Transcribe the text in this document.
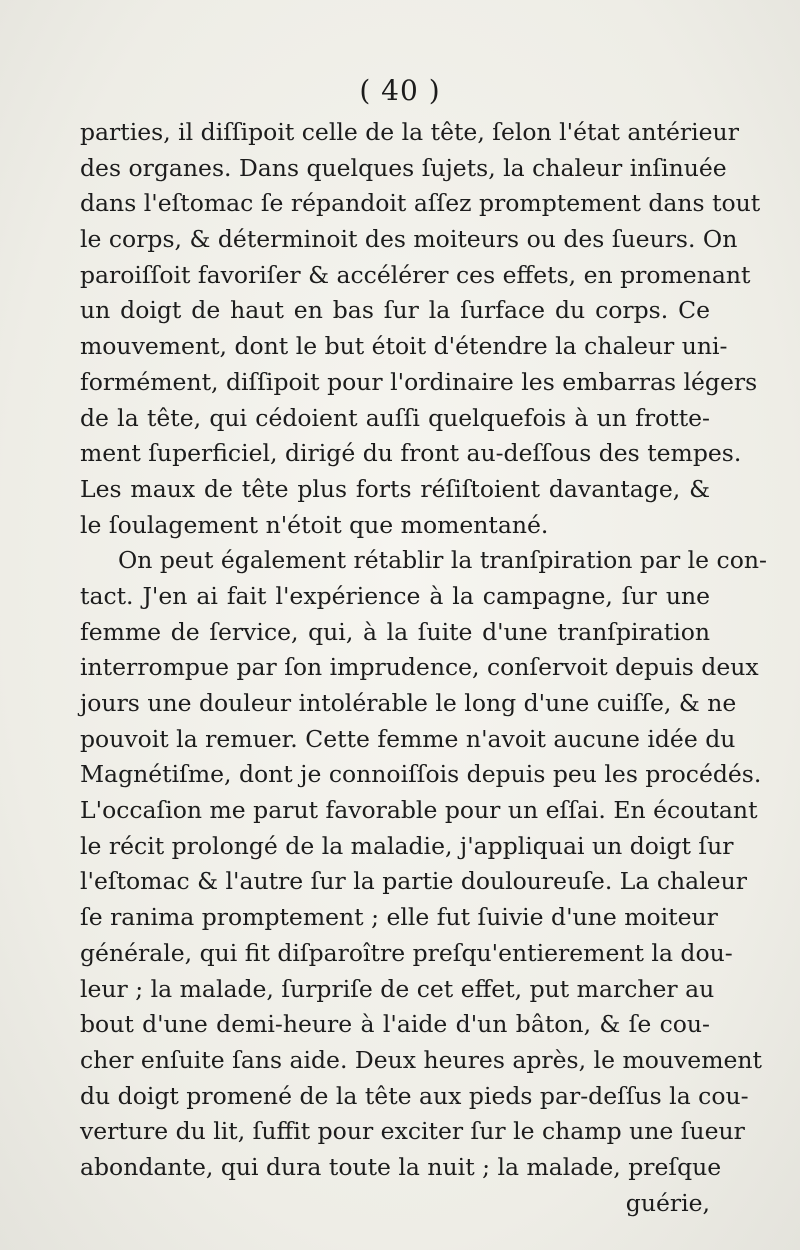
( 40 )
parties, il diſſipoit celle de la tête, ſelon l'état antérieur
des organes. Dans quelques ſujets, la chaleur inſinuée
dans l'eſtomac ſe répandoit aſſez promptement dans tout
le corps, & déterminoit des moiteurs ou des ſueurs. On
paroiſſoit favoriſer & accélérer ces effets, en promenant
un doigt de haut en bas ſur la ſurface du corps. Ce
mouvement, dont le but étoit d'étendre la chaleur uni-
formément, diſſipoit pour l'ordinaire les embarras légers
de la tête, qui cédoient auſſi quelquefois à un frotte-
ment ſuperficiel, dirigé du front au-deſſous des tempes.
Les maux de tête plus forts réſiſtoient davantage, &
le ſoulagement n'étoit que momentané.
On peut également rétablir la tranſpiration par le con-
tact. J'en ai fait l'expérience à la campagne, ſur une
femme de ſervice, qui, à la ſuite d'une tranſpiration
interrompue par ſon imprudence, conſervoit depuis deux
jours une douleur intolérable le long d'une cuiſſe, & ne
pouvoit la remuer. Cette femme n'avoit aucune idée du
Magnétiſme, dont je connoiſſois depuis peu les procédés.
L'occaſion me parut favorable pour un eſſai. En écoutant
le récit prolongé de la maladie, j'appliquai un doigt ſur
l'eſtomac & l'autre ſur la partie douloureuſe. La chaleur
ſe ranima promptement ; elle fut ſuivie d'une moiteur
générale, qui fit diſparoître preſqu'entierement la dou-
leur ; la malade, ſurpriſe de cet effet, put marcher au
bout d'une demi-heure à l'aide d'un bâton, & ſe cou-
cher enſuite ſans aide. Deux heures après, le mouvement
du doigt promené de la tête aux pieds par-deſſus la cou-
verture du lit, ſuffit pour exciter ſur le champ une ſueur
abondante, qui dura toute la nuit ; la malade, preſque
guérie,
